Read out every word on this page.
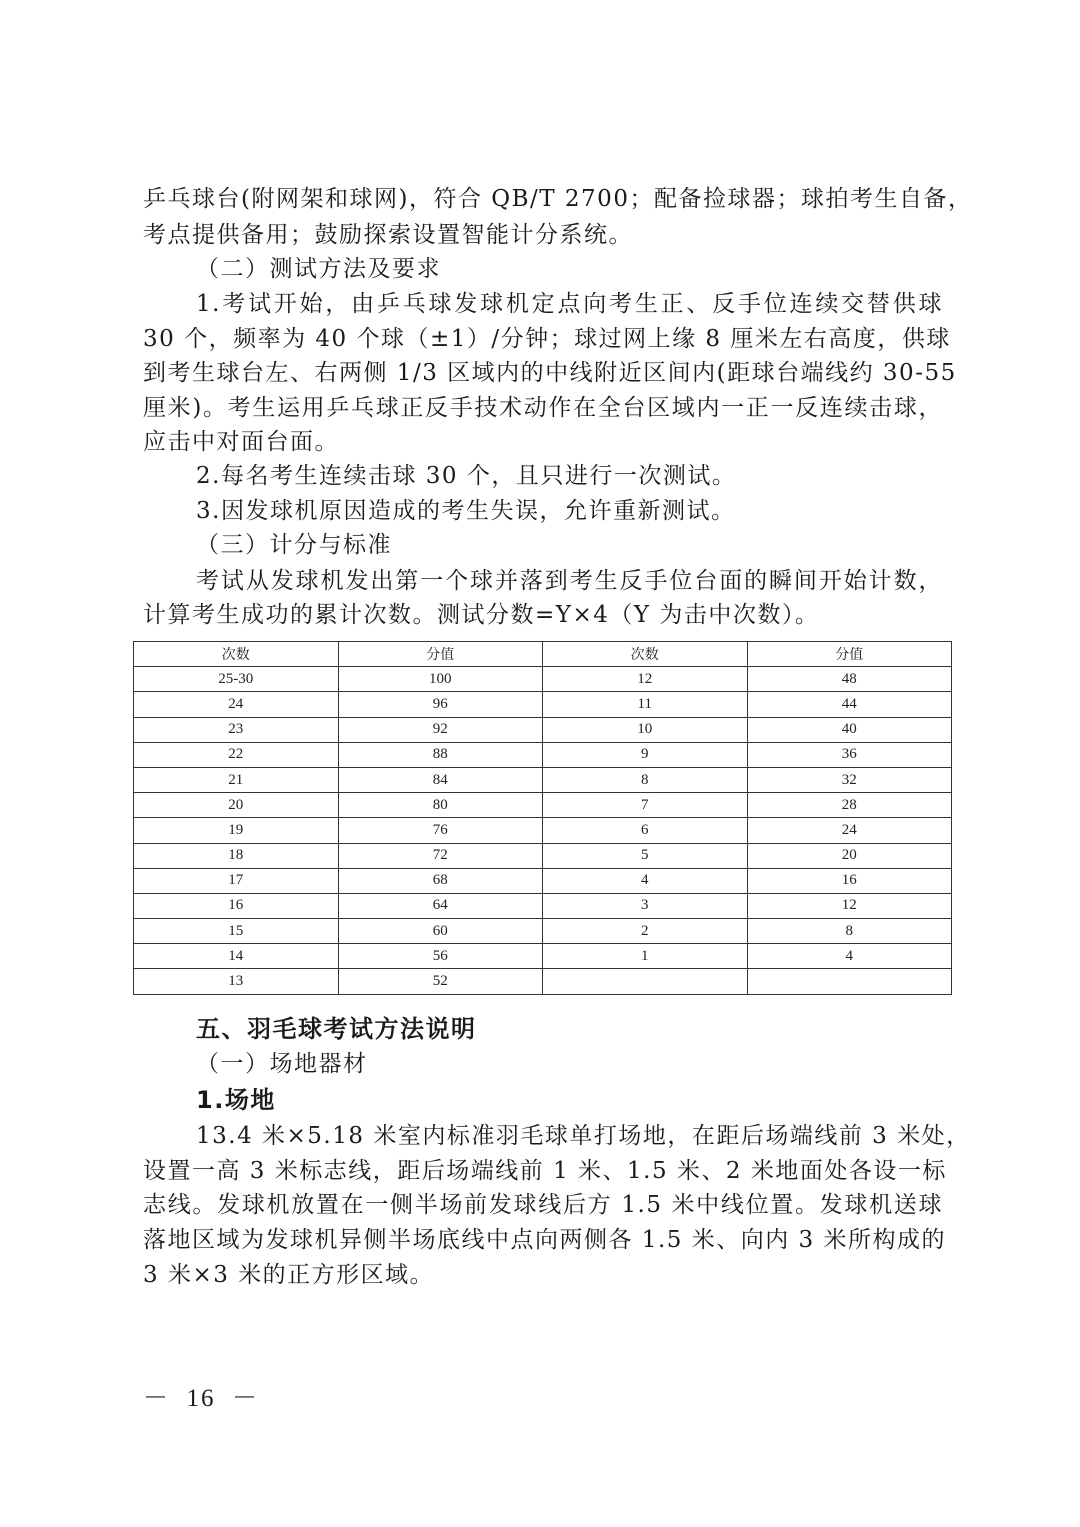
乒乓球台(附网架和球网)，符合 QB/T 2700；配备捡球器；球拍考生自备，
考点提供备用；鼓励探索设置智能计分系统。
（二）测试方法及要求
1.考试开始，由乒乓球发球机定点向考生正、反手位连续交替供球
30 个，频率为 40 个球（±1）/分钟；球过网上缘 8 厘米左右高度，供球
到考生球台左、右两侧 1/3 区域内的中线附近区间内(距球台端线约 30-55
厘米)。考生运用乒乓球正反手技术动作在全台区域内一正一反连续击球，
应击中对面台面。
2.每名考生连续击球 30 个，且只进行一次测试。
3.因发球机原因造成的考生失误，允许重新测试。
（三）计分与标准
考试从发球机发出第一个球并落到考生反手位台面的瞬间开始计数，
计算考生成功的累计次数。测试分数=Y×4（Y 为击中次数）。
次数	分值	次数	分值
25-30	100	12	48
24	96	11	44
23	92	10	40
22	88	9	36
21	84	8	32
20	80	7	28
19	76	6	24
18	72	5	20
17	68	4	16
16	64	3	12
15	60	2	8
14	56	1	4
13	52		
五、羽毛球考试方法说明
（一）场地器材
1.场地
13.4 米×5.18 米室内标准羽毛球单打场地，在距后场端线前 3 米处，
设置一高 3 米标志线，距后场端线前 1 米、1.5 米、2 米地面处各设一标
志线。发球机放置在一侧半场前发球线后方 1.5 米中线位置。发球机送球
落地区域为发球机异侧半场底线中点向两侧各 1.5 米、向内 3 米所构成的
3 米×3 米的正方形区域。
－  16  －
